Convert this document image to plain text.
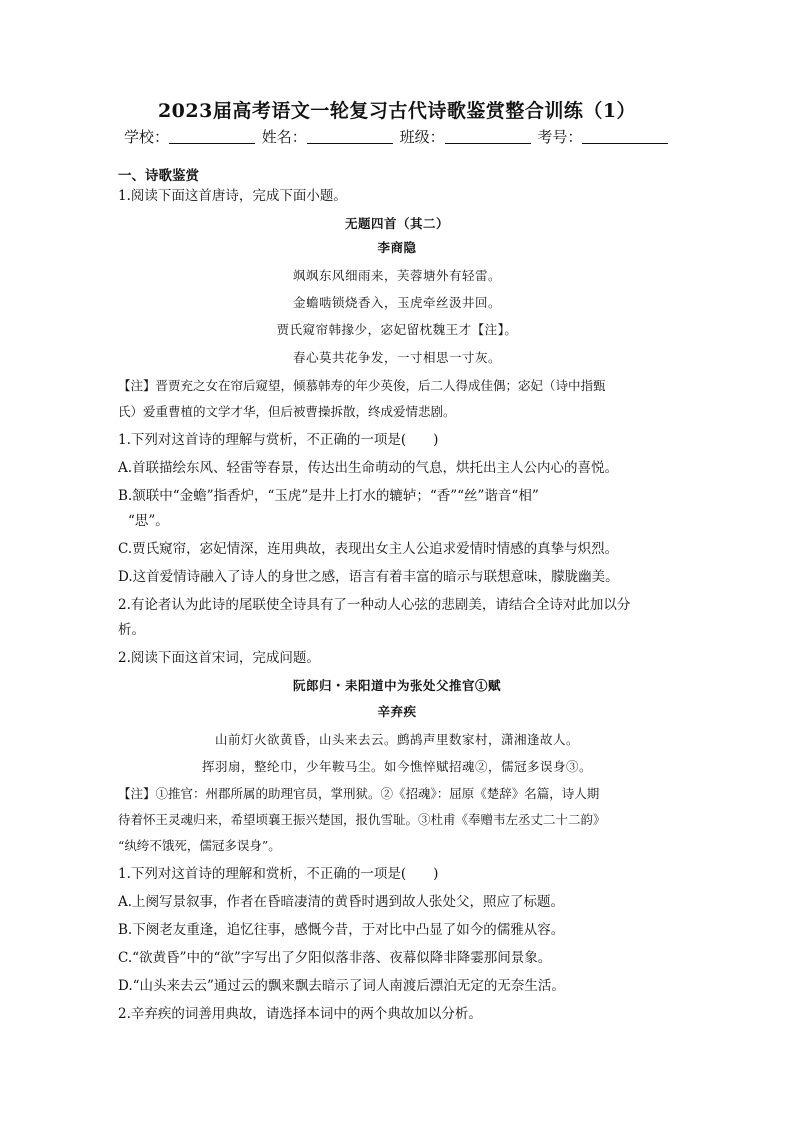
2023届高考语文一轮复习古代诗歌鉴赏整合训练（1）
学校：	姓名：	班级：	考号：
一、诗歌鉴赏
1.阅读下面这首唐诗，完成下面小题。
无题四首（其二）
李商隐
飒飒东风细雨来，芙蓉塘外有轻雷。
金蟾啮锁烧香入，玉虎牵丝汲井回。
贾氏窥帘韩掾少，宓妃留枕魏王才【注】。
春心莫共花争发，一寸相思一寸灰。
【注】晋贾充之女在帘后窥望，倾慕韩寿的年少英俊，后二人得成佳偶；宓妃（诗中指甄
氏）爱重曹植的文学才华，但后被曹操拆散，终成爱情悲剧。
1.下列对这首诗的理解与赏析，不正确的一项是(　　)
A.首联描绘东风、轻雷等春景，传达出生命萌动的气息，烘托出主人公内心的喜悦。
B.颔联中“金蟾”指香炉，“玉虎”是井上打水的辘轳；“香”“丝”谐音“相”
“思”。
C.贾氏窥帘，宓妃情深，连用典故，表现出女主人公追求爱情时情感的真挚与炽烈。
D.这首爱情诗融入了诗人的身世之感，语言有着丰富的暗示与联想意味，朦胧幽美。
2.有论者认为此诗的尾联使全诗具有了一种动人心弦的悲剧美，请结合全诗对此加以分
析。
2.阅读下面这首宋词，完成问题。
阮郎归・耒阳道中为张处父推官①赋
辛弃疾
山前灯火欲黄昏，山头来去云。鹧鸪声里数家村，潇湘逢故人。
挥羽扇，整纶巾，少年鞍马尘。如今憔悴赋招魂②，儒冠多误身③。
【注】①推官：州郡所属的助理官员，掌刑狱。②《招魂》：屈原《楚辞》名篇，诗人期
待着怀王灵魂归来，希望顷襄王振兴楚国，报仇雪耻。③杜甫《奉赠韦左丞丈二十二韵》
“纨绔不饿死，儒冠多误身”。
1.下列对这首诗的理解和赏析，不正确的一项是(　　)
A.上阕写景叙事，作者在昏暗凄清的黄昏时遇到故人张处父，照应了标题。
B.下阕老友重逢，追忆往事，感慨今昔，于对比中凸显了如今的儒雅从容。
C.“欲黄昏”中的“欲”字写出了夕阳似落非落、夜幕似降非降霎那间景象。
D.“山头来去云”通过云的飘来飘去暗示了词人南渡后漂泊无定的无奈生活。
2.辛弃疾的词善用典故，请选择本词中的两个典故加以分析。
